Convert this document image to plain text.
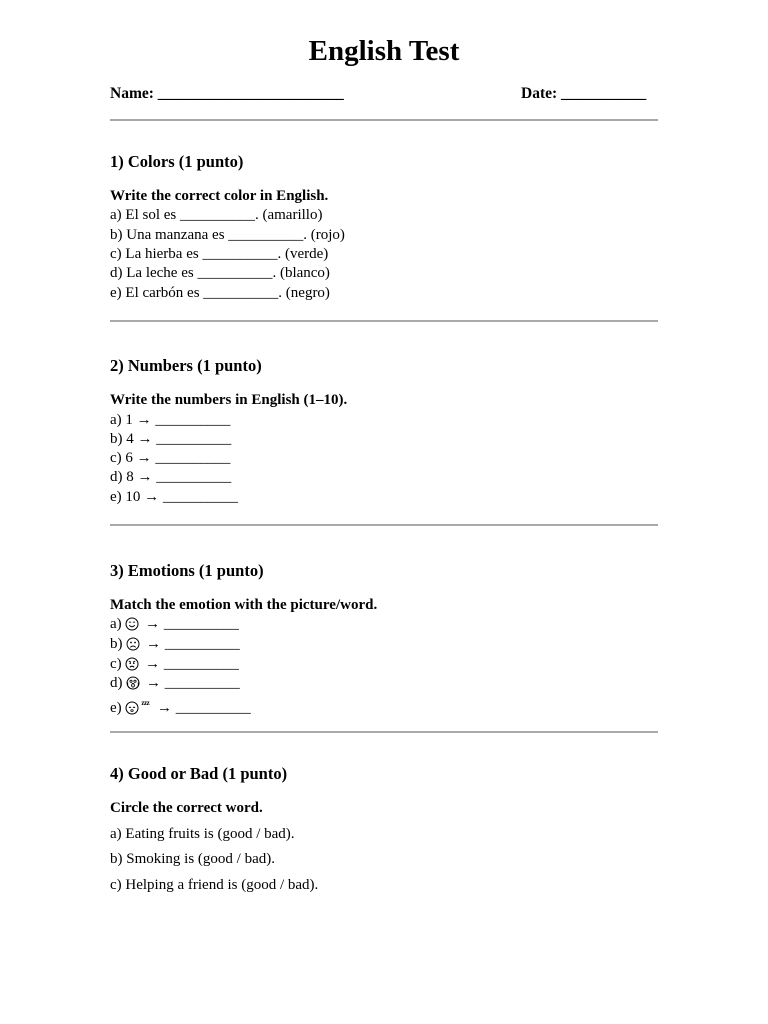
English Test
Name: ________________________	Date: ___________
1) Colors (1 punto)
Write the correct color in English.
a) El sol es __________. (amarillo)
b) Una manzana es __________. (rojo)
c) La hierba es __________. (verde)
d) La leche es __________. (blanco)
e) El carbón es __________. (negro)
2) Numbers (1 punto)
Write the numbers in English (1–10).
a) 1 → __________
b) 4 → __________
c) 6 → __________
d) 8 → __________
e) 10 → __________
3) Emotions (1 punto)
Match the emotion with the picture/word.
a) → __________
b) → __________
c) → __________
d) → __________
e)	$^{zzz}$ → __________
4) Good or Bad (1 punto)
Circle the correct word.
a) Eating fruits is (good / bad).
b) Smoking is (good / bad).
c) Helping a friend is (good / bad).
